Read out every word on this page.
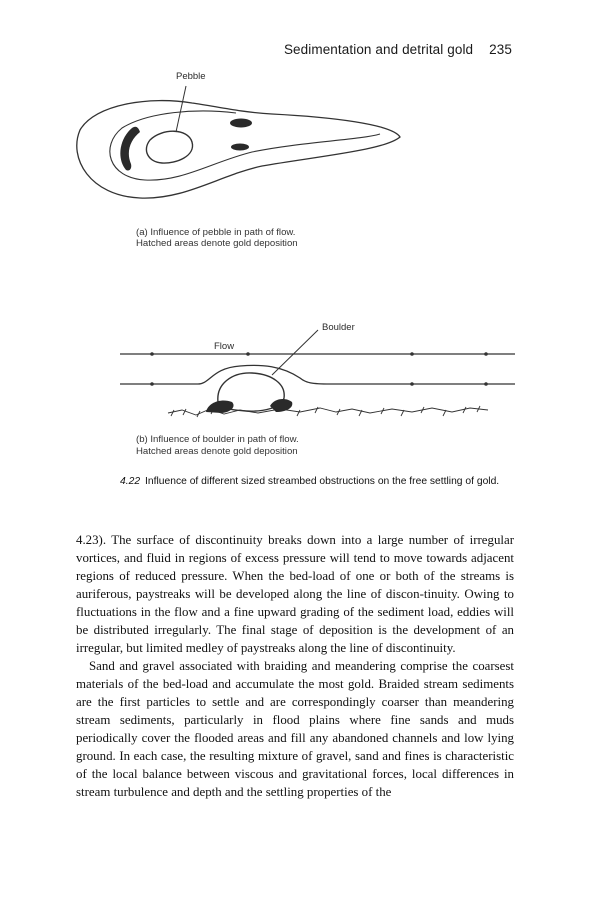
Sedimentation and detrital gold 235
Pebble
(a) Influence of pebble in path of flow.
Hatched areas denote gold deposition
Boulder
Flow
(b) Influence of boulder in path of flow.
Hatched areas denote gold deposition
4.22 Influence of different sized streambed obstructions on the free settling of gold.

4.23). The surface of discontinuity breaks down into a large number of irregular vortices, and fluid in regions of excess pressure will tend to move towards adjacent regions of reduced pressure. When the bed-load of one or both of the streams is auriferous, paystreaks will be developed along the line of discon-tinuity. Owing to fluctuations in the flow and a fine upward grading of the sediment load, eddies will be distributed irregularly. The final stage of deposition is the development of an irregular, but limited medley of paystreaks along the line of discontinuity.

Sand and gravel associated with braiding and meandering comprise the coarsest materials of the bed-load and accumulate the most gold. Braided stream sediments are the first particles to settle and are correspondingly coarser than meandering stream sediments, particularly in flood plains where fine sands and muds periodically cover the flooded areas and fill any abandoned channels and low lying ground. In each case, the resulting mixture of gravel, sand and fines is characteristic of the local balance between viscous and gravitational forces, local differences in stream turbulence and depth and the settling properties of the
